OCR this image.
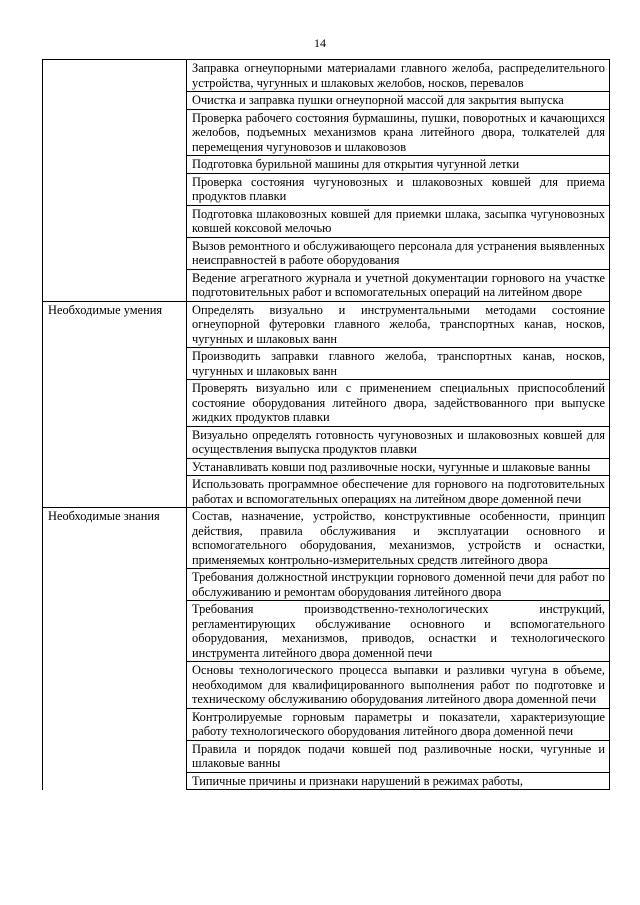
14
	Заправка огнеупорными материалами главного желоба, распределительного устройства, чугунных и шлаковых желобов, носков, перевалов
	Очистка и заправка пушки огнеупорной массой для закрытия выпуска
	Проверка рабочего состояния бурмашины, пушки, поворотных и качающихся желобов, подъемных механизмов крана литейного двора, толкателей для перемещения чугуновозов и шлаковозов
	Подготовка бурильной машины для открытия чугунной летки
	Проверка состояния чугуновозных и шлаковозных ковшей для приема продуктов плавки
	Подготовка шлаковозных ковшей для приемки шлака, засыпка чугуновозных ковшей коксовой мелочью
	Вызов ремонтного и обслуживающего персонала для устранения выявленных неисправностей в работе оборудования
	Ведение агрегатного журнала и учетной документации горнового на участке подготовительных работ и вспомогательных операций на литейном дворе
Необходимые умения	Определять визуально и инструментальными методами состояние огнеупорной футеровки главного желоба, транспортных канав, носков, чугунных и шлаковых ванн
	Производить заправки главного желоба, транспортных канав, носков, чугунных и шлаковых ванн
	Проверять визуально или с применением специальных приспособлений состояние оборудования литейного двора, задействованного при выпуске жидких продуктов плавки
	Визуально определять готовность чугуновозных и шлаковозных ковшей для осуществления выпуска продуктов плавки
	Устанавливать ковши под разливочные носки, чугунные и шлаковые ванны
	Использовать программное обеспечение для горнового на подготовительных работах и вспомогательных операциях на литейном дворе доменной печи
Необходимые знания	Состав, назначение, устройство, конструктивные особенности, принцип действия, правила обслуживания и эксплуатации основного и вспомогательного оборудования, механизмов, устройств и оснастки, применяемых контрольно-измерительных средств литейного двора
	Требования должностной инструкции горнового доменной печи для работ по обслуживанию и ремонтам оборудования литейного двора
	Требования производственно-технологических инструкций, регламентирующих обслуживание основного и вспомогательного оборудования, механизмов, приводов, оснастки и технологического инструмента литейного двора доменной печи
	Основы технологического процесса выпавки и разливки чугуна в объеме, необходимом для квалифицированного выполнения работ по подготовке и техническому обслуживанию оборудования литейного двора доменной печи
	Контролируемые горновым параметры и показатели, характеризующие работу технологического оборудования литейного двора доменной печи
	Правила и порядок подачи ковшей под разливочные носки, чугунные и шлаковые ванны
	Типичные причины и признаки нарушений в режимах работы,
